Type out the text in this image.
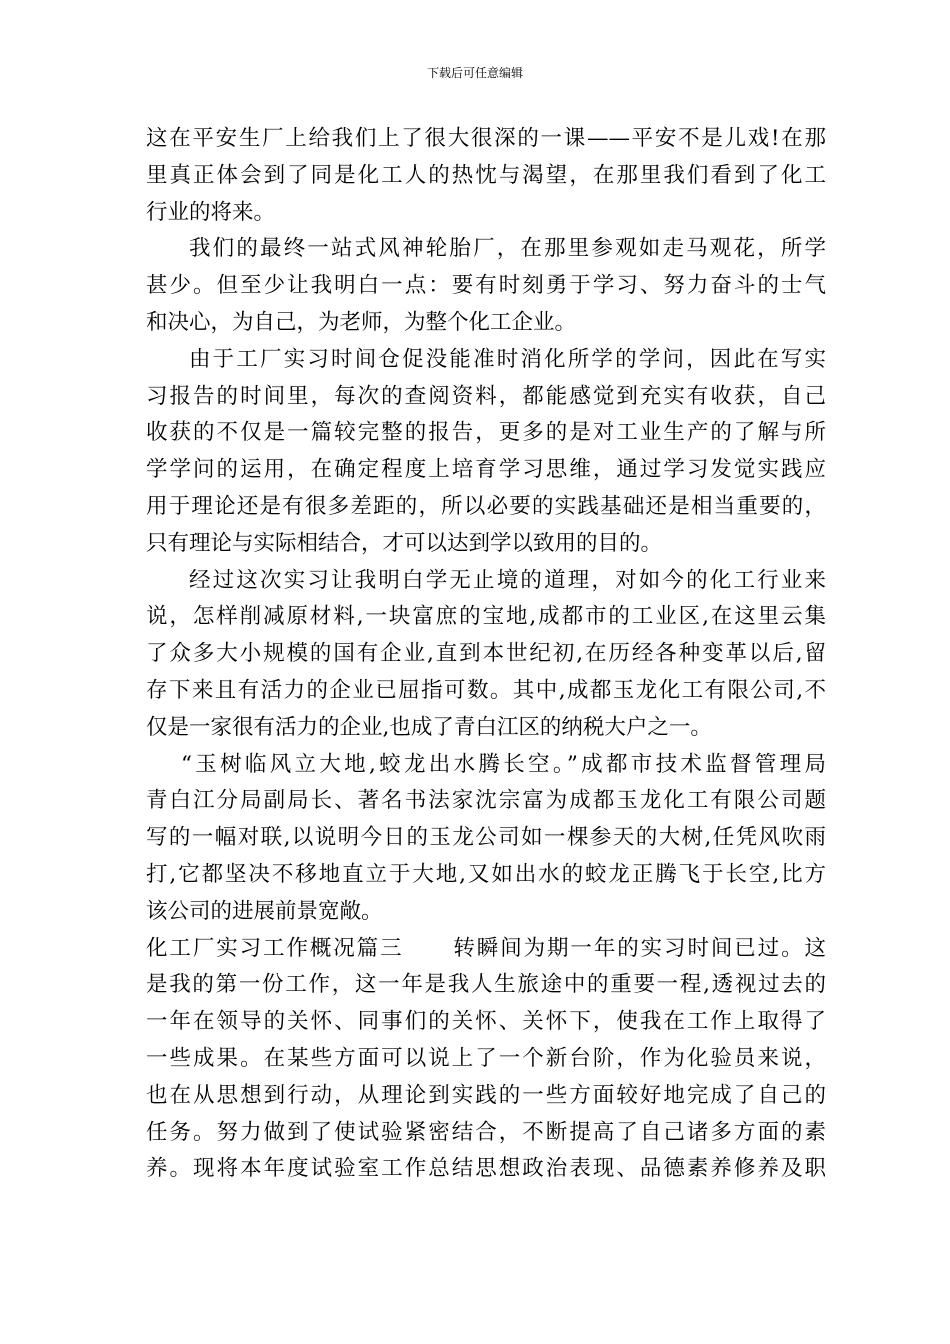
下载后可任意编辑
这在平安生厂上给我们上了很大很深的一课——平安不是儿戏!在那
里真正体会到了同是化工人的热忱与渴望，在那里我们看到了化工
行业的将来。
我们的最终一站式风神轮胎厂，在那里参观如走马观花，所学
甚少。但至少让我明白一点：要有时刻勇于学习、努力奋斗的士气
和决心，为自己，为老师，为整个化工企业。
由于工厂实习时间仓促没能准时消化所学的学问，因此在写实
习报告的时间里，每次的查阅资料，都能感觉到充实有收获，自己
收获的不仅是一篇较完整的报告，更多的是对工业生产的了解与所
学学问的运用，在确定程度上培育学习思维，通过学习发觉实践应
用于理论还是有很多差距的，所以必要的实践基础还是相当重要的，
只有理论与实际相结合，才可以达到学以致用的目的。
经过这次实习让我明白学无止境的道理，对如今的化工行业来
说，怎样削减原材料,一块富庶的宝地,成都市的工业区,在这里云集
了众多大小规模的国有企业,直到本世纪初,在历经各种变革以后,留
存下来且有活力的企业已屈指可数。其中,成都玉龙化工有限公司,不
仅是一家很有活力的企业,也成了青白江区的纳税大户之一。
“玉树临风立大地,蛟龙出水腾长空。”成都市技术监督管理局
青白江分局副局长、著名书法家沈宗富为成都玉龙化工有限公司题
写的一幅对联,以说明今日的玉龙公司如一棵参天的大树,任凭风吹雨
打,它都坚决不移地直立于大地,又如出水的蛟龙正腾飞于长空,比方
该公司的进展前景宽敞。
化工厂实习工作概况篇三 转瞬间为期一年的实习时间已过。这
是我的第一份工作，这一年是我人生旅途中的重要一程,透视过去的
一年在领导的关怀、同事们的关怀、关怀下，使我在工作上取得了
一些成果。在某些方面可以说上了一个新台阶，作为化验员来说，
也在从思想到行动，从理论到实践的一些方面较好地完成了自己的
任务。努力做到了使试验紧密结合，不断提高了自己诸多方面的素
养。现将本年度试验室工作总结思想政治表现、品德素养修养及职
